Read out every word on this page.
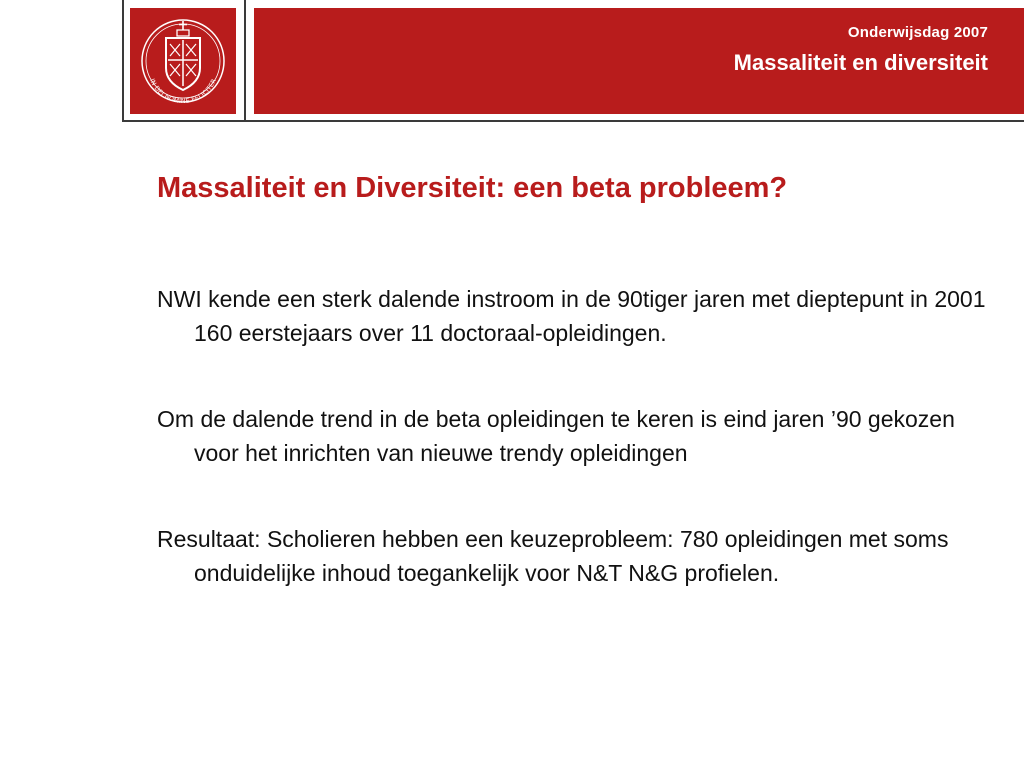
IN DEI NOMINE FELICITER
Onderwijsdag 2007
Massaliteit en diversiteit
Massaliteit en Diversiteit: een beta probleem?
NWI kende een sterk dalende instroom in de 90tiger jaren met dieptepunt in 2001 160 eerstejaars over 11 doctoraal-opleidingen.
Om de dalende trend in de beta opleidingen te keren is eind jaren ’90 gekozen voor het inrichten van nieuwe trendy opleidingen
Resultaat: Scholieren hebben een keuzeprobleem: 780 opleidingen met soms onduidelijke inhoud toegankelijk voor N&T N&G profielen.
